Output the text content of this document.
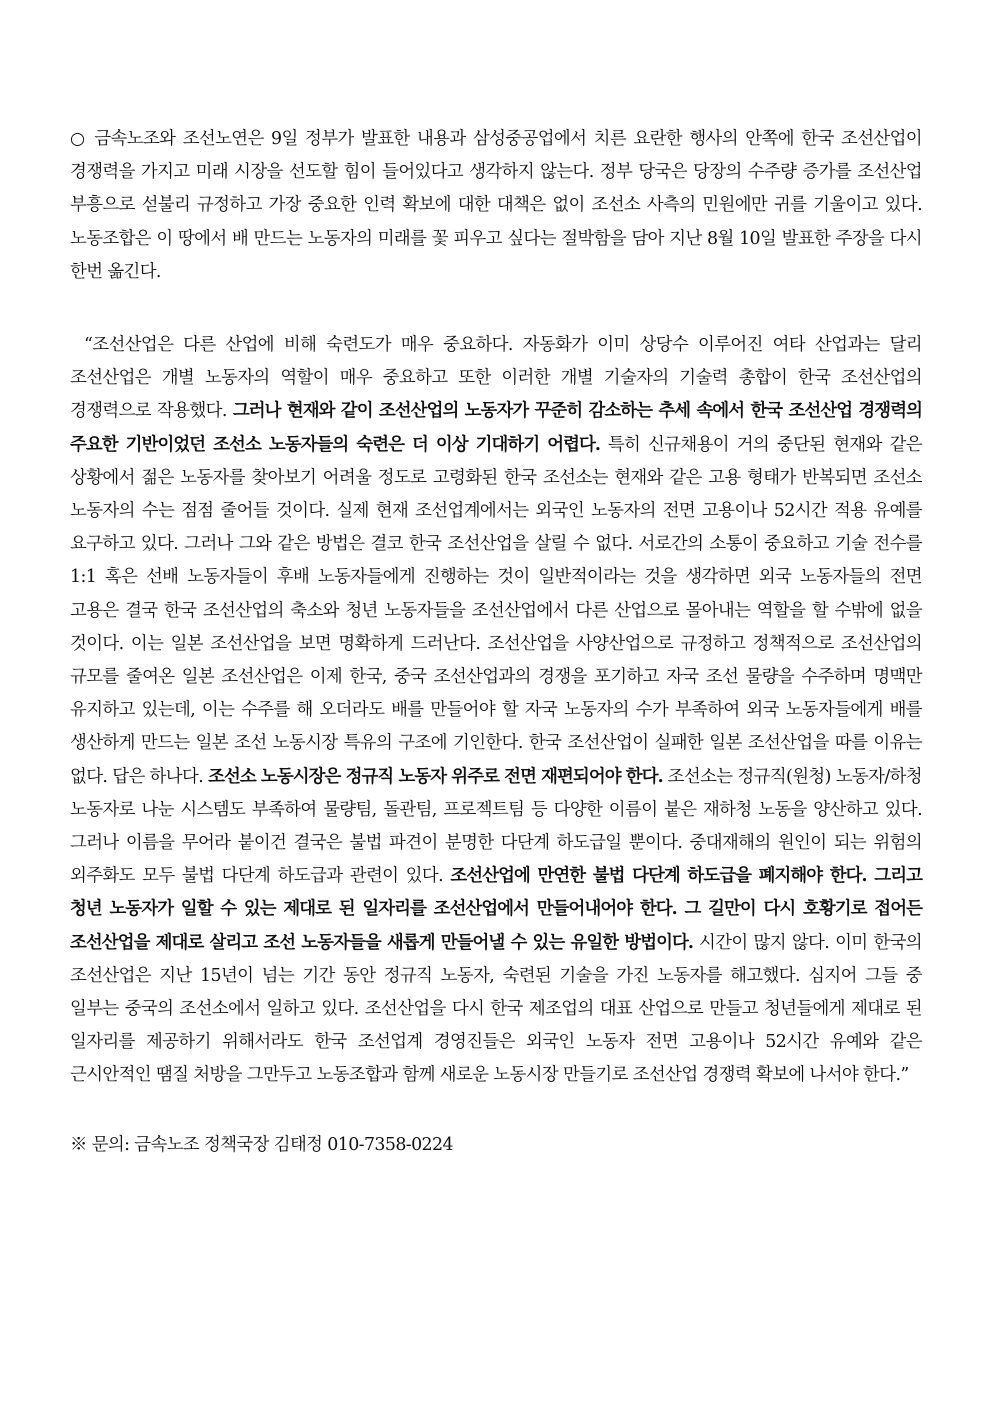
○ 금속노조와 조선노연은 9일 정부가 발표한 내용과 삼성중공업에서 치른 요란한 행사의 안쪽에 한국 조선산업이 경쟁력을 가지고 미래 시장을 선도할 힘이 들어있다고 생각하지 않는다. 정부 당국은 당장의 수주량 증가를 조선산업 부흥으로 섣불리 규정하고 가장 중요한 인력 확보에 대한 대책은 없이 조선소 사측의 민원에만 귀를 기울이고 있다. 노동조합은 이 땅에서 배 만드는 노동자의 미래를 꽃 피우고 싶다는 절박함을 담아 지난 8월 10일 발표한 주장을 다시 한번 옮긴다.

“조선산업은 다른 산업에 비해 숙련도가 매우 중요하다. 자동화가 이미 상당수 이루어진 여타 산업과는 달리 조선산업은 개별 노동자의 역할이 매우 중요하고 또한 이러한 개별 기술자의 기술력 총합이 한국 조선산업의 경쟁력으로 작용했다. 그러나 현재와 같이 조선산업의 노동자가 꾸준히 감소하는 추세 속에서 한국 조선산업 경쟁력의 주요한 기반이었던 조선소 노동자들의 숙련은 더 이상 기대하기 어렵다. 특히 신규채용이 거의 중단된 현재와 같은 상황에서 젊은 노동자를 찾아보기 어려울 정도로 고령화된 한국 조선소는 현재와 같은 고용 형태가 반복되면 조선소 노동자의 수는 점점 줄어들 것이다. 실제 현재 조선업계에서는 외국인 노동자의 전면 고용이나 52시간 적용 유예를 요구하고 있다. 그러나 그와 같은 방법은 결코 한국 조선산업을 살릴 수 없다. 서로간의 소통이 중요하고 기술 전수를 1:1 혹은 선배 노동자들이 후배 노동자들에게 진행하는 것이 일반적이라는 것을 생각하면 외국 노동자들의 전면 고용은 결국 한국 조선산업의 축소와 청년 노동자들을 조선산업에서 다른 산업으로 몰아내는 역할을 할 수밖에 없을 것이다. 이는 일본 조선산업을 보면 명확하게 드러난다. 조선산업을 사양산업으로 규정하고 정책적으로 조선산업의 규모를 줄여온 일본 조선산업은 이제 한국, 중국 조선산업과의 경쟁을 포기하고 자국 조선 물량을 수주하며 명맥만 유지하고 있는데, 이는 수주를 해 오더라도 배를 만들어야 할 자국 노동자의 수가 부족하여 외국 노동자들에게 배를 생산하게 만드는 일본 조선 노동시장 특유의 구조에 기인한다. 한국 조선산업이 실패한 일본 조선산업을 따를 이유는 없다. 답은 하나다. 조선소 노동시장은 정규직 노동자 위주로 전면 재편되어야 한다. 조선소는 정규직(원청) 노동자/하청 노동자로 나눈 시스템도 부족하여 물량팀, 돌관팀, 프로젝트팀 등 다양한 이름이 붙은 재하청 노동을 양산하고 있다. 그러나 이름을 무어라 붙이건 결국은 불법 파견이 분명한 다단계 하도급일 뿐이다. 중대재해의 원인이 되는 위험의 외주화도 모두 불법 다단계 하도급과 관련이 있다. 조선산업에 만연한 불법 다단계 하도급을 폐지해야 한다. 그리고 청년 노동자가 일할 수 있는 제대로 된 일자리를 조선산업에서 만들어내어야 한다. 그 길만이 다시 호황기로 접어든 조선산업을 제대로 살리고 조선 노동자들을 새롭게 만들어낼 수 있는 유일한 방법이다. 시간이 많지 않다. 이미 한국의 조선산업은 지난 15년이 넘는 기간 동안 정규직 노동자, 숙련된 기술을 가진 노동자를 해고했다. 심지어 그들 중 일부는 중국의 조선소에서 일하고 있다. 조선산업을 다시 한국 제조업의 대표 산업으로 만들고 청년들에게 제대로 된 일자리를 제공하기 위해서라도 한국 조선업계 경영진들은 외국인 노동자 전면 고용이나 52시간 유예와 같은 근시안적인 땜질 처방을 그만두고 노동조합과 함께 새로운 노동시장 만들기로 조선산업 경쟁력 확보에 나서야 한다.”

※ 문의: 금속노조 정책국장 김태정 010-7358-0224
